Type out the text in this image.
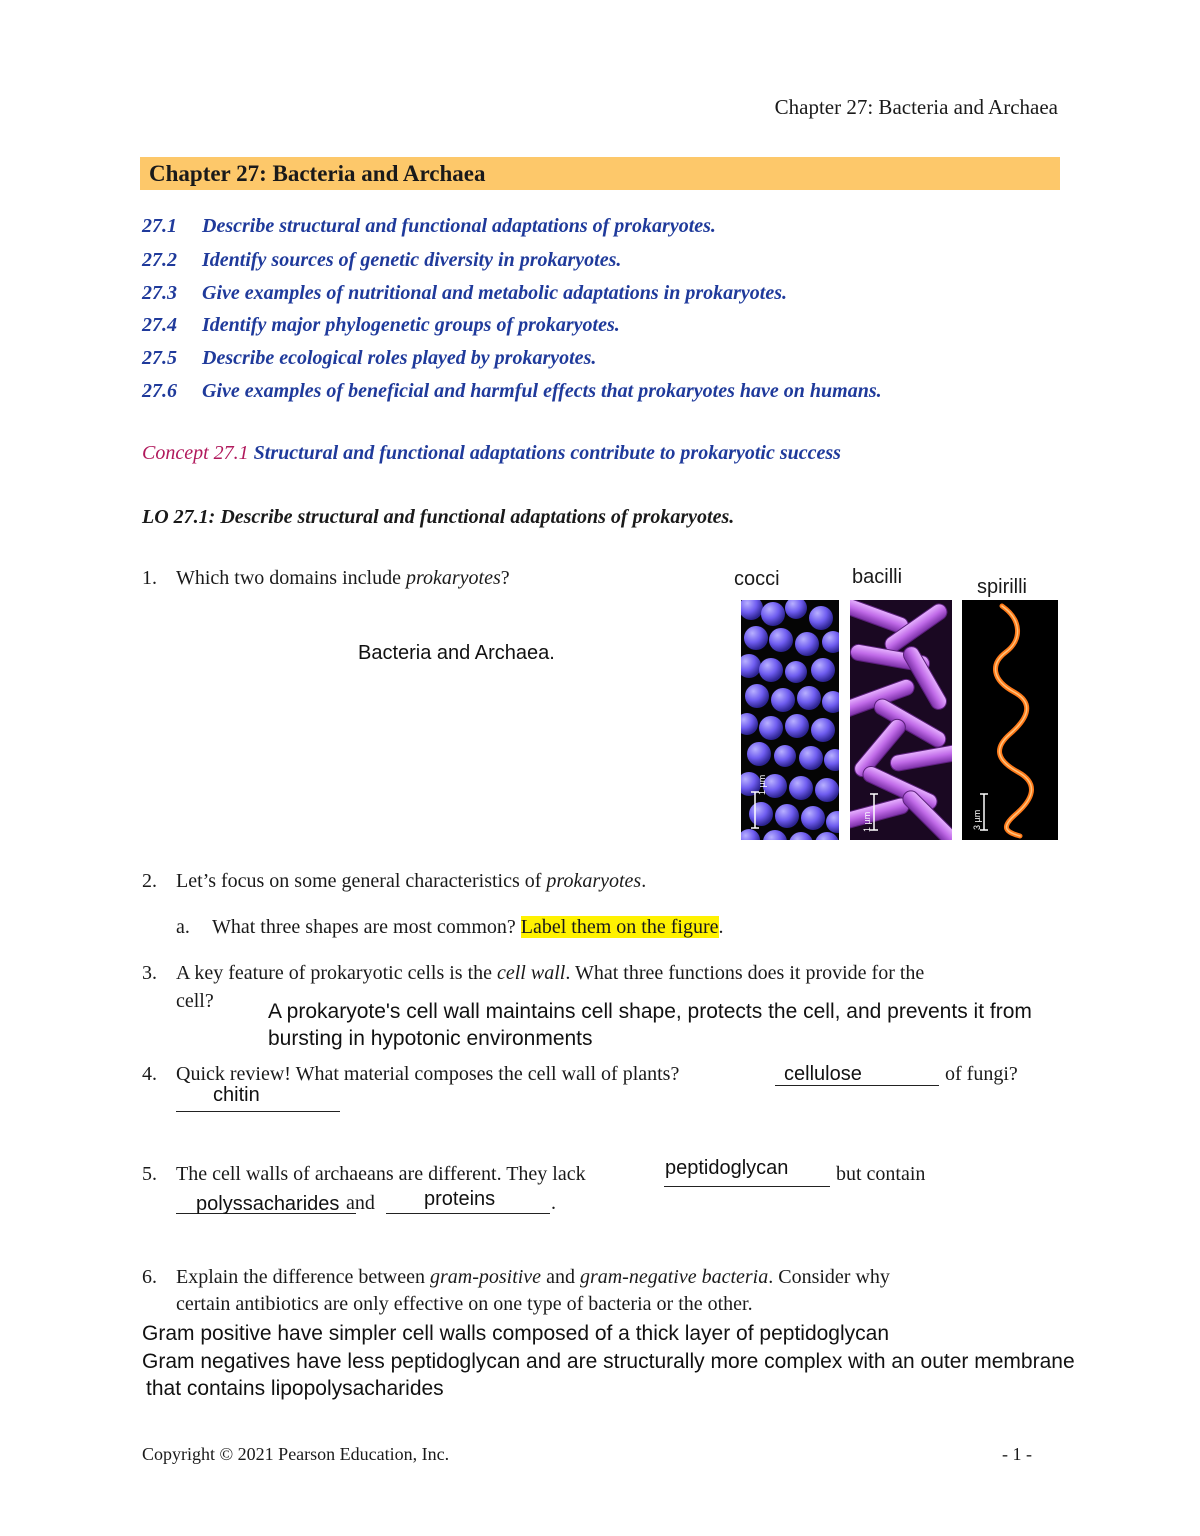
Chapter 27: Bacteria and Archaea
Chapter 27: Bacteria and Archaea
27.1 Describe structural and functional adaptations of prokaryotes.
27.2 Identify sources of genetic diversity in prokaryotes.
27.3 Give examples of nutritional and metabolic adaptations in prokaryotes.
27.4 Identify major phylogenetic groups of prokaryotes.
27.5 Describe ecological roles played by prokaryotes.
27.6 Give examples of beneficial and harmful effects that prokaryotes have on humans.
Concept 27.1 Structural and functional adaptations contribute to prokaryotic success
LO 27.1: Describe structural and functional adaptations of prokaryotes.
1. Which two domains include prokaryotes?
Bacteria and Archaea.
cocci	bacilli	spirilli
1 µm
1 µm	3 µm
2. Let’s focus on some general characteristics of prokaryotes.
a. What three shapes are most common? Label them on the figure.
3. A key feature of prokaryotic cells is the cell wall. What three functions does it provide for the
cell?	A prokaryote's cell wall maintains cell shape, protects the cell, and prevents it from
bursting in hypotonic environments
4. Quick review! What material composes the cell wall of plants?	cellulose	of fungi?
chitin
5. The cell walls of archaeans are different. They lack	peptidoglycan but contain
polyssacharides and proteins	.
6. Explain the difference between gram-positive and gram-negative bacteria. Consider why
certain antibiotics are only effective on one type of bacteria or the other.
Gram positive have simpler cell walls composed of a thick layer of peptidoglycan
Gram negatives have less peptidoglycan and are structurally more complex with an outer membrane
that contains lipopolysacharides
Copyright © 2021 Pearson Education, Inc.	- 1 -
